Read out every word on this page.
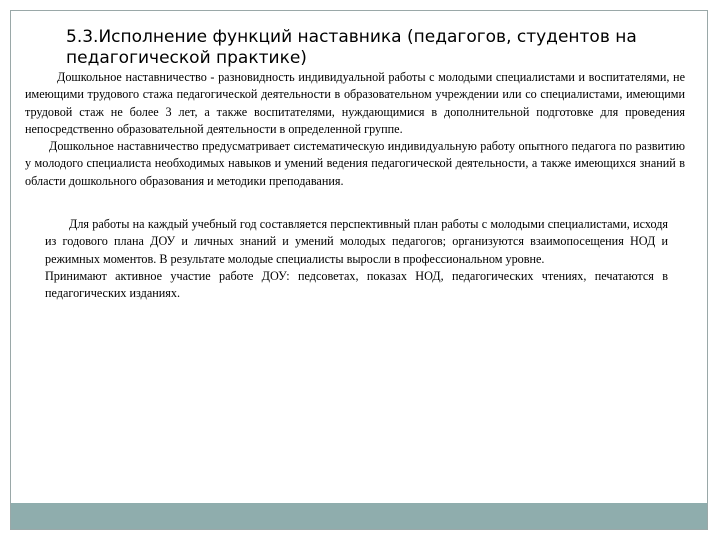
5.3.Исполнение функций наставника (педагогов, студентов на педагогической практике)

Дошкольное наставничество - разновидность индивидуальной работы с молодыми специалистами и воспитателями, не имеющими трудового стажа педагогической деятельности в образовательном учреждении или со специалистами, имеющими трудовой стаж не более 3 лет, а также воспитателями, нуждающимися в дополнительной подготовке для проведения непосредственно образовательной деятельности в определенной группе.

Дошкольное наставничество предусматривает систематическую индивидуальную работу опытного педагога по развитию у молодого специалиста необходимых навыков и умений ведения педагогической деятельности, а также имеющихся знаний в области дошкольного образования и методики преподавания.

Для работы на каждый учебный год составляется перспективный план работы с молодыми специалистами, исходя из годового плана ДОУ и личных знаний и умений молодых педагогов; организуются взаимопосещения НОД и режимных моментов. В результате молодые специалисты выросли в профессиональном уровне.

Принимают активное участие работе ДОУ: педсоветах, показах НОД, педагогических чтениях, печатаются в педагогических изданиях.
